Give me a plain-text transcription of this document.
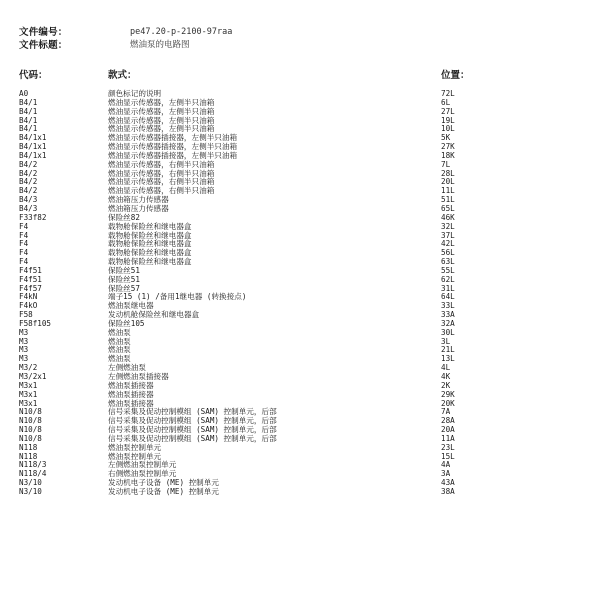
文件编号：	pe47.20-p-2100-97raa
文件标题：	燃油泵的电路图
代码：	款式：	位置：
A0	颜色标记的说明	72L
B4/1	燃油显示传感器，左侧半只油箱	6L
B4/1	燃油显示传感器，左侧半只油箱	27L
B4/1	燃油显示传感器，左侧半只油箱	19L
B4/1	燃油显示传感器，左侧半只油箱	10L
B4/1x1	燃油显示传感器插接器，左侧半只油箱	5K
B4/1x1	燃油显示传感器插接器，左侧半只油箱	27K
B4/1x1	燃油显示传感器插接器，左侧半只油箱	18K
B4/2	燃油显示传感器，右侧半只油箱	7L
B4/2	燃油显示传感器，右侧半只油箱	28L
B4/2	燃油显示传感器，右侧半只油箱	20L
B4/2	燃油显示传感器，右侧半只油箱	11L
B4/3	燃油箱压力传感器	51L
B4/3	燃油箱压力传感器	65L
F33f82	保险丝82	46K
F4	载物舱保险丝和继电器盒	32L
F4	载物舱保险丝和继电器盒	37L
F4	载物舱保险丝和继电器盒	42L
F4	载物舱保险丝和继电器盒	56L
F4	载物舱保险丝和继电器盒	63L
F4f51	保险丝51	55L
F4f51	保险丝51	62L
F4f57	保险丝57	31L
F4kN	端子15 (1) /备用1继电器 (转换接点)	64L
F4kO	燃油泵继电器	33L
F58	发动机舱保险丝和继电器盒	33A
F58f105	保险丝105	32A
M3	燃油泵	30L
M3	燃油泵	3L
M3	燃油泵	21L
M3	燃油泵	13L
M3/2	左侧燃油泵	4L
M3/2x1	左侧燃油泵插接器	4K
M3x1	燃油泵插接器	2K
M3x1	燃油泵插接器	29K
M3x1	燃油泵插接器	20K
N10/8	信号采集及促动控制模组 (SAM) 控制单元，后部	7A
N10/8	信号采集及促动控制模组 (SAM) 控制单元，后部	28A
N10/8	信号采集及促动控制模组 (SAM) 控制单元，后部	20A
N10/8	信号采集及促动控制模组 (SAM) 控制单元，后部	11A
N118	燃油泵控制单元	23L
N118	燃油泵控制单元	15L
N118/3	左侧燃油泵控制单元	4A
N118/4	右侧燃油泵控制单元	3A
N3/10	发动机电子设备 (ME) 控制单元	43A
N3/10	发动机电子设备 (ME) 控制单元	38A
